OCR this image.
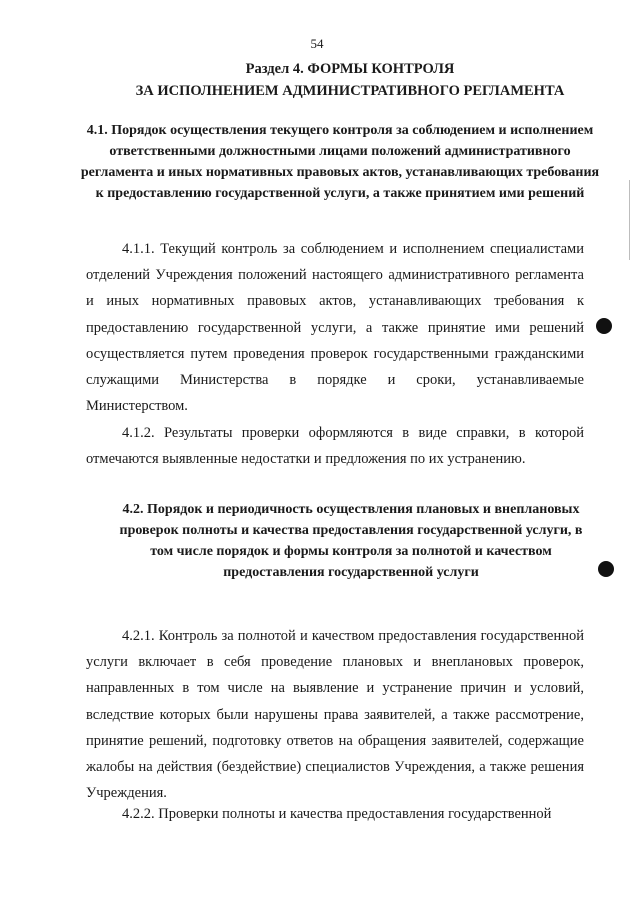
54
Раздел 4. ФОРМЫ КОНТРОЛЯ
ЗА ИСПОЛНЕНИЕМ АДМИНИСТРАТИВНОГО РЕГЛАМЕНТА
4.1. Порядок осуществления текущего контроля за соблюдением и исполнением ответственными должностными лицами положений административного регламента и иных нормативных правовых актов, устанавливающих требования к предоставлению государственной услуги, а также принятием ими решений
4.1.1. Текущий контроль за соблюдением и исполнением специалистами отделений Учреждения положений настоящего административного регламента и иных нормативных правовых актов, устанавливающих требования к предоставлению государственной услуги, а также принятие ими решений осуществляется путем проведения проверок государственными гражданскими служащими Министерства в порядке и сроки, устанавливаемые Министерством.
4.1.2. Результаты проверки оформляются в виде справки, в которой отмечаются выявленные недостатки и предложения по их устранению.
4.2. Порядок и периодичность осуществления плановых и внеплановых проверок полноты и качества предоставления государственной услуги, в том числе порядок и формы контроля за полнотой и качеством предоставления государственной услуги
4.2.1. Контроль за полнотой и качеством предоставления государственной услуги включает в себя проведение плановых и внеплановых проверок, направленных в том числе на выявление и устранение причин и условий, вследствие которых были нарушены права заявителей, а также рассмотрение, принятие решений, подготовку ответов на обращения заявителей, содержащие жалобы на действия (бездействие) специалистов Учреждения, а также решения Учреждения.
4.2.2. Проверки полноты и качества предоставления государственной
